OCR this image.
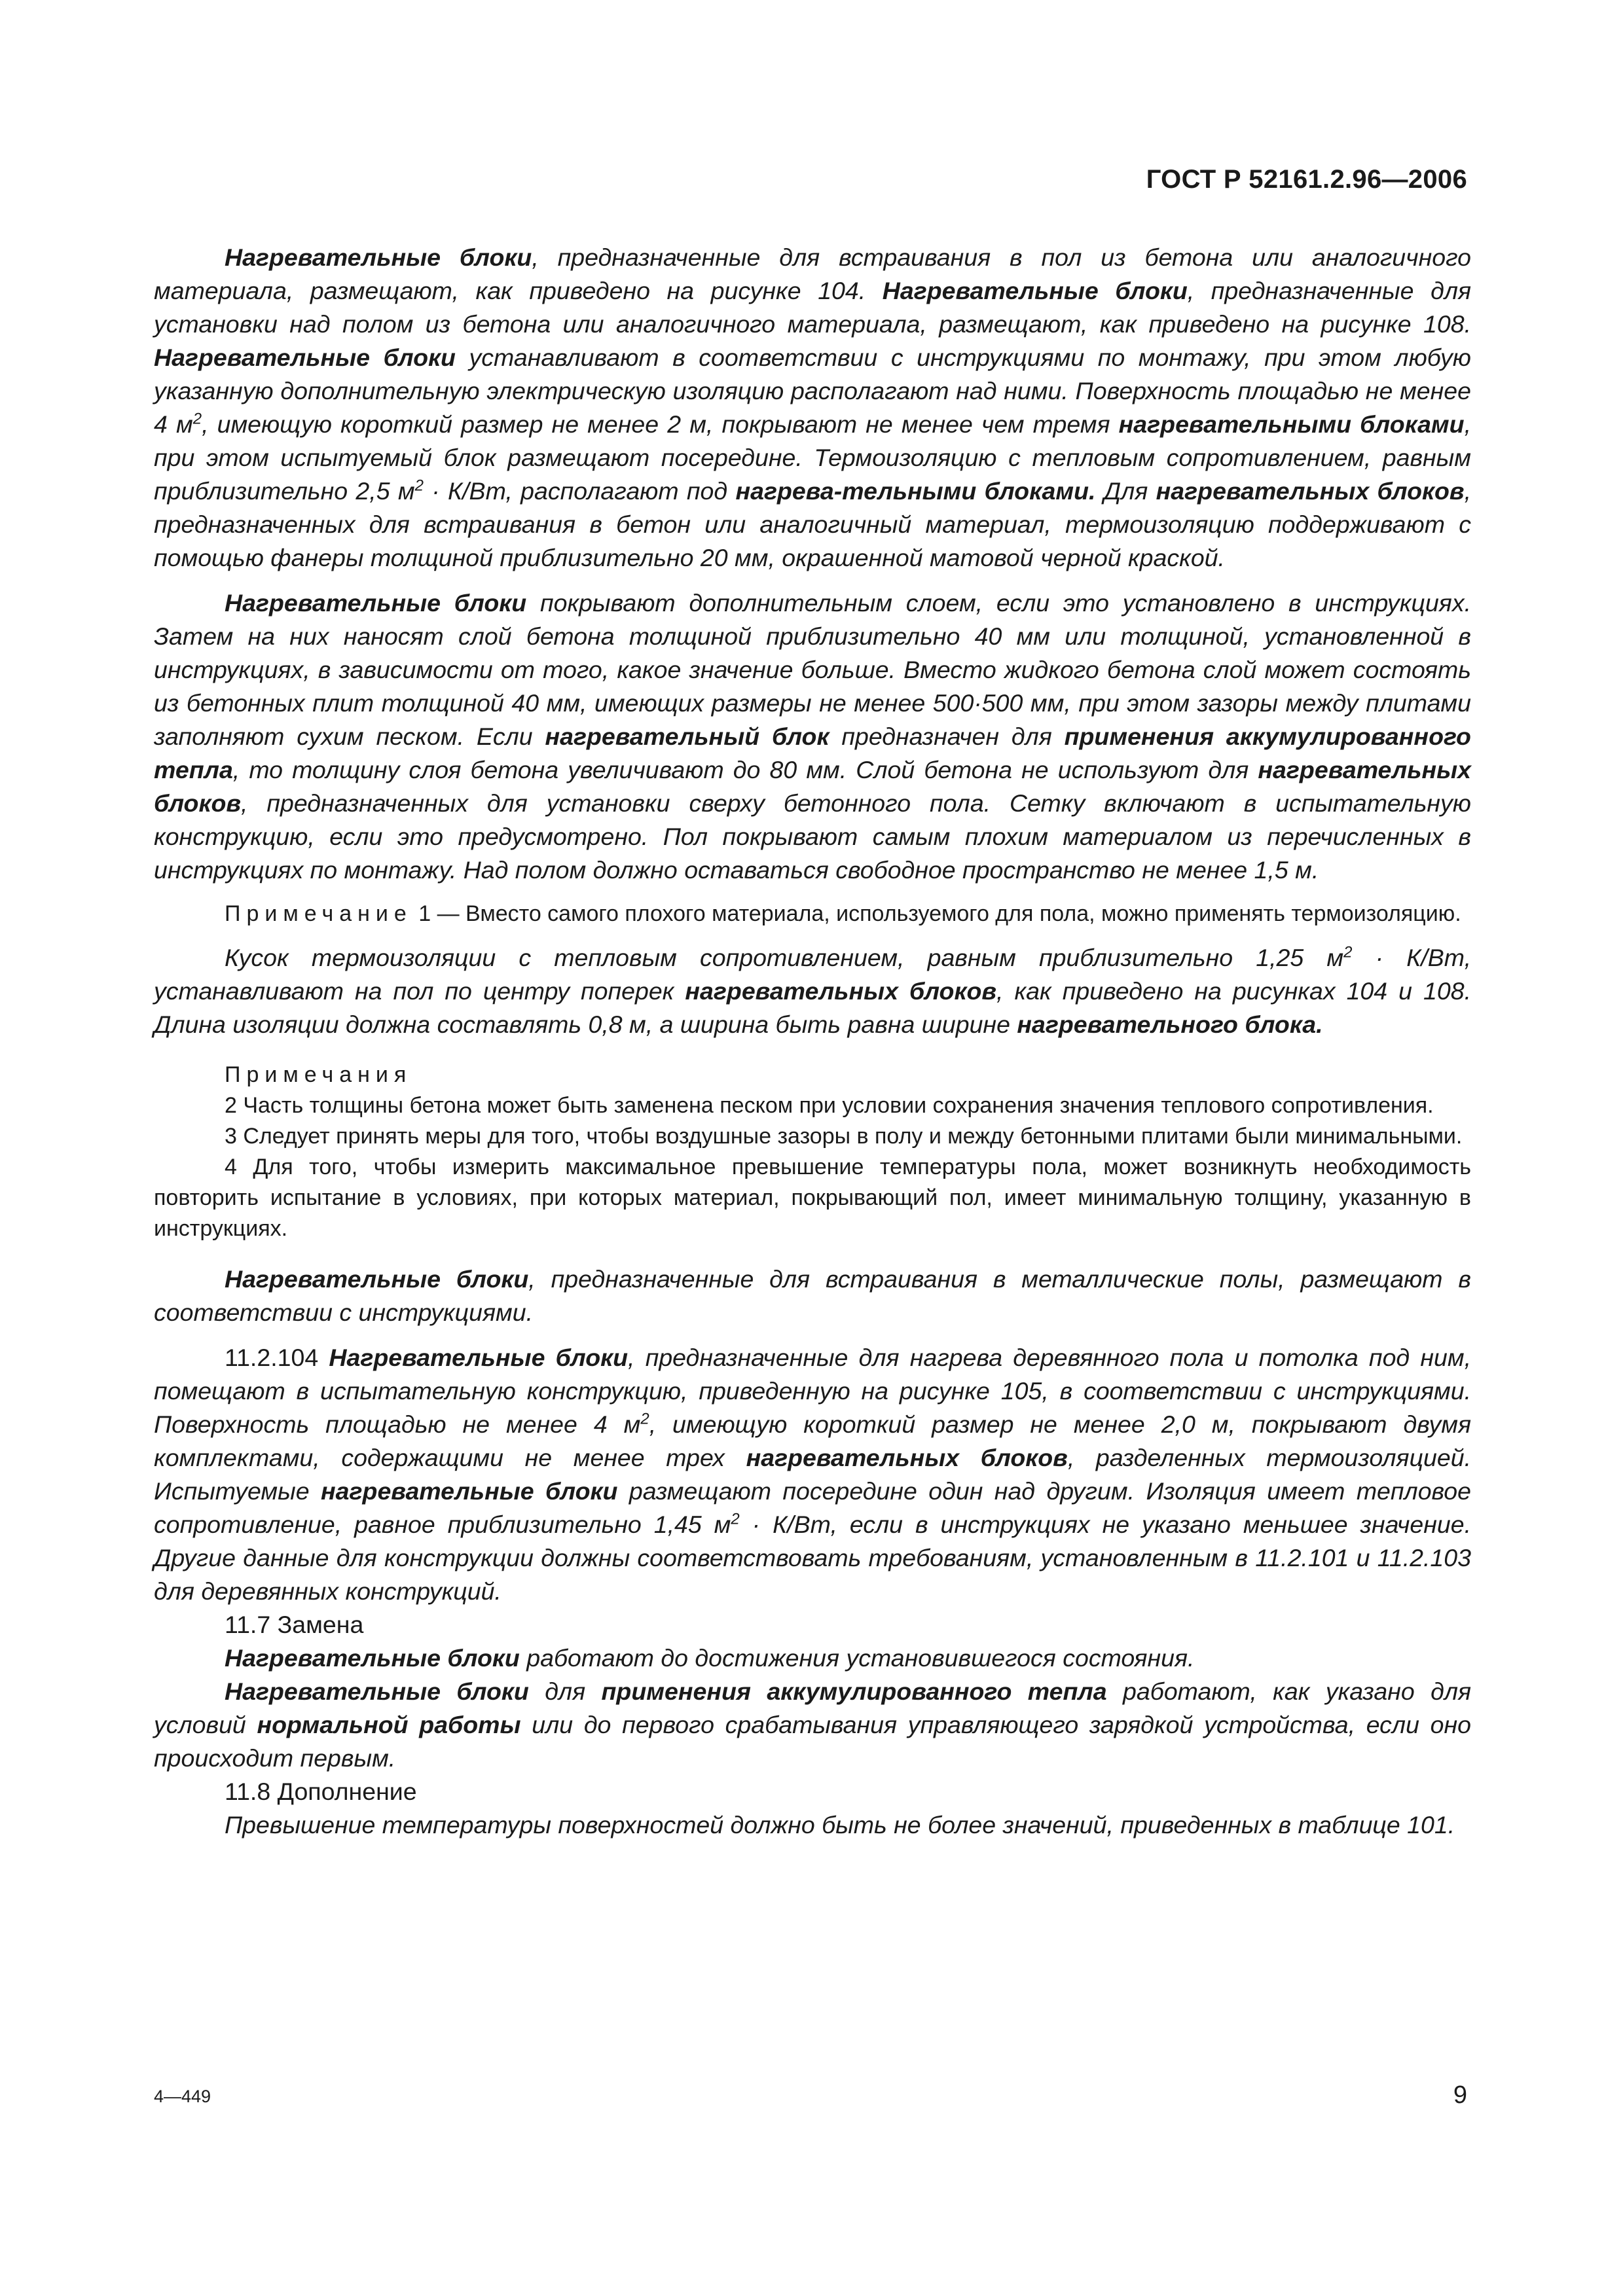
ГОСТ Р 52161.2.96—2006

Нагревательные блоки, предназначенные для встраивания в пол из бетона или аналогичного материала, размещают, как приведено на рисунке 104. Нагревательные блоки, предназначенные для установки над полом из бетона или аналогичного материала, размещают, как приведено на рисунке 108. Нагревательные блоки устанавливают в соответствии с инструкциями по монтажу, при этом любую указанную дополнительную электрическую изоляцию располагают над ними. Поверхность площадью не менее 4 $м^2$, имеющую короткий размер не менее 2 м, покрывают не менее чем тремя нагревательными блоками, при этом испытуемый блок размещают посередине. Термоизоляцию с тепловым сопротивлением, равным приблизительно 2,5 $м^2 \cdot К/Вт$, располагают под нагрева-тельными блоками. Для нагревательных блоков, предназначенных для встраивания в бетон или аналогичный материал, термоизоляцию поддерживают с помощью фанеры толщиной приблизительно 20 мм, окрашенной матовой черной краской.

Нагревательные блоки покрывают дополнительным слоем, если это установлено в инструкциях. Затем на них наносят слой бетона толщиной приблизительно 40 мм или толщиной, установленной в инструкциях, в зависимости от того, какое значение больше. Вместо жидкого бетона слой может состоять из бетонных плит толщиной 40 мм, имеющих размеры не менее 500·500 мм, при этом зазоры между плитами заполняют сухим песком. Если нагревательный блок предназначен для применения аккумулированного тепла, то толщину слоя бетона увеличивают до 80 мм. Слой бетона не используют для нагревательных блоков, предназначенных для установки сверху бетонного пола. Сетку включают в испытательную конструкцию, если это предусмотрено. Пол покрывают самым плохим материалом из перечисленных в инструкциях по монтажу. Над полом должно оставаться свободное пространство не менее 1,5 м.

Примечание 1 — Вместо самого плохого материала, используемого для пола, можно применять термоизоляцию.

Кусок термоизоляции с тепловым сопротивлением, равным приблизительно 1,25 $м^2 \cdot К/Вт$, устанавливают на пол по центру поперек нагревательных блоков, как приведено на рисунках 104 и 108. Длина изоляции должна составлять 0,8 м, а ширина быть равна ширине нагревательного блока.

Примечания

2 Часть толщины бетона может быть заменена песком при условии сохранения значения теплового сопротивления.

3 Следует принять меры для того, чтобы воздушные зазоры в полу и между бетонными плитами были минимальными.

4 Для того, чтобы измерить максимальное превышение температуры пола, может возникнуть необходимость повторить испытание в условиях, при которых материал, покрывающий пол, имеет минимальную толщину, указанную в инструкциях.

Нагревательные блоки, предназначенные для встраивания в металлические полы, размещают в соответствии с инструкциями.

11.2.104 Нагревательные блоки, предназначенные для нагрева деревянного пола и потолка под ним, помещают в испытательную конструкцию, приведенную на рисунке 105, в соответствии с инструкциями. Поверхность площадью не менее 4 $м^2$, имеющую короткий размер не менее 2,0 м, покрывают двумя комплектами, содержащими не менее трех нагревательных блоков, разделенных термоизоляцией. Испытуемые нагревательные блоки размещают посередине один над другим. Изоляция имеет тепловое сопротивление, равное приблизительно 1,45 $м^2 \cdot К/Вт$, если в инструкциях не указано меньшее значение. Другие данные для конструкции должны соответствовать требованиям, установленным в 11.2.101 и 11.2.103 для деревянных конструкций.

11.7 Замена

Нагревательные блоки работают до достижения установившегося состояния.

Нагревательные блоки для применения аккумулированного тепла работают, как указано для условий нормальной работы или до первого срабатывания управляющего зарядкой устройства, если оно происходит первым.

11.8 Дополнение

Превышение температуры поверхностей должно быть не более значений, приведенных в таблице 101.

4—449	9
